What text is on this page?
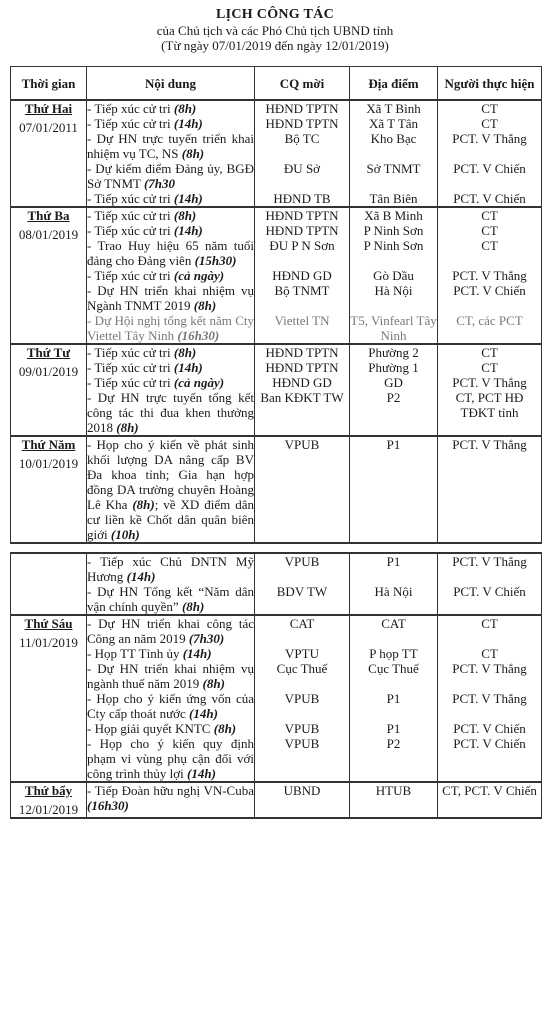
LỊCH CÔNG TÁC
của Chủ tịch và các Phó Chủ tịch UBND tỉnh
(Từ ngày 07/01/2019 đến ngày 12/01/2019)
Thời gian	Nội dung	CQ mời	Địa điểm	Người thực hiện

Thứ Hai
07/01/2011	- Tiếp xúc cử tri (8h)	HĐND TPTN	Xã T Bình	CT
	- Tiếp xúc cử tri (14h)	HĐND TPTN	Xã T Tân	CT
	- Dự HN trực tuyến triển khai nhiệm vụ TC, NS (8h)	Bộ TC	Kho Bạc	PCT. V Thắng
	- Dự kiểm điểm Đảng ủy, BGĐ Sở TNMT (7h30	ĐU Sở	Sở TNMT	PCT. V Chiến
	- Tiếp xúc cử tri (14h)	HĐND TB	Tân Biên	PCT. V Chiến

Thứ Ba
08/01/2019	- Tiếp xúc cử tri (8h)	HĐND TPTN	Xã B Minh	CT
	- Tiếp xúc cử tri (14h)	HĐND TPTN	P Ninh Sơn	CT
	- Trao Huy hiệu 65 năm tuổi đảng cho Đảng viên (15h30)	ĐU P N Sơn	P Ninh Sơn	CT
	- Tiếp xúc cử tri (cả ngày)	HĐND GD	Gò Dầu	PCT. V Thắng
	- Dự HN triển khai nhiệm vụ Ngành TNMT 2019 (8h)	Bộ TNMT	Hà Nội	PCT. V Chiến
	- Dự Hội nghị tổng kết năm Cty Viettel Tây Ninh (16h30)	Viettel TN	T5, Vinfearl Tây Ninh	CT, các PCT

Thứ Tư
09/01/2019	- Tiếp xúc cử tri (8h)	HĐND TPTN	Phường 2	CT
	- Tiếp xúc cử tri (14h)	HĐND TPTN	Phường 1	CT
	- Tiếp xúc cử tri (cả ngày)	HĐND GD	GD	PCT. V Thắng
	- Dự HN trực tuyến tổng kết công tác thi đua khen thưởng 2018 (8h)	Ban KĐKT TW	P2	CT, PCT HĐ TĐKT tỉnh

Thứ Năm
10/01/2019	- Họp cho ý kiến về phát sinh khối lượng DA nâng cấp BV Đa khoa tỉnh; Gia hạn hợp đồng DA trường chuyên Hoàng Lê Kha (8h); về XD điểm dân cư liền kề Chốt dân quân biên giới (10h)	VPUB	P1	PCT. V Thắng

	- Tiếp xúc Chủ DNTN Mỹ Hương (14h)	VPUB	P1	PCT. V Thắng
	- Dự HN Tổng kết “Năm dân vận chính quyền” (8h)	BDV TW	Hà Nội	PCT. V Chiến

Thứ Sáu
11/01/2019	- Dự HN triển khai công tác Công an năm 2019 (7h30)	CAT	CAT	CT
	- Họp TT Tỉnh ủy (14h)	VPTU	P họp TT	CT
	- Dự HN triển khai nhiệm vụ ngành thuế năm 2019 (8h)	Cục Thuế	Cục Thuế	PCT. V Thắng
	- Họp cho ý kiến ứng vốn của Cty cấp thoát nước (14h)	VPUB	P1	PCT. V Thắng
	- Họp giải quyết KNTC (8h)	VPUB	P1	PCT. V Chiến
	- Họp cho ý kiến quy định phạm vi vùng phụ cận đối với công trình thủy lợi (14h)	VPUB	P2	PCT. V Chiến

Thứ bẩy
12/01/2019	- Tiếp Đoàn hữu nghị VN-Cuba (16h30)	UBND	HTUB	CT, PCT. V Chiến
